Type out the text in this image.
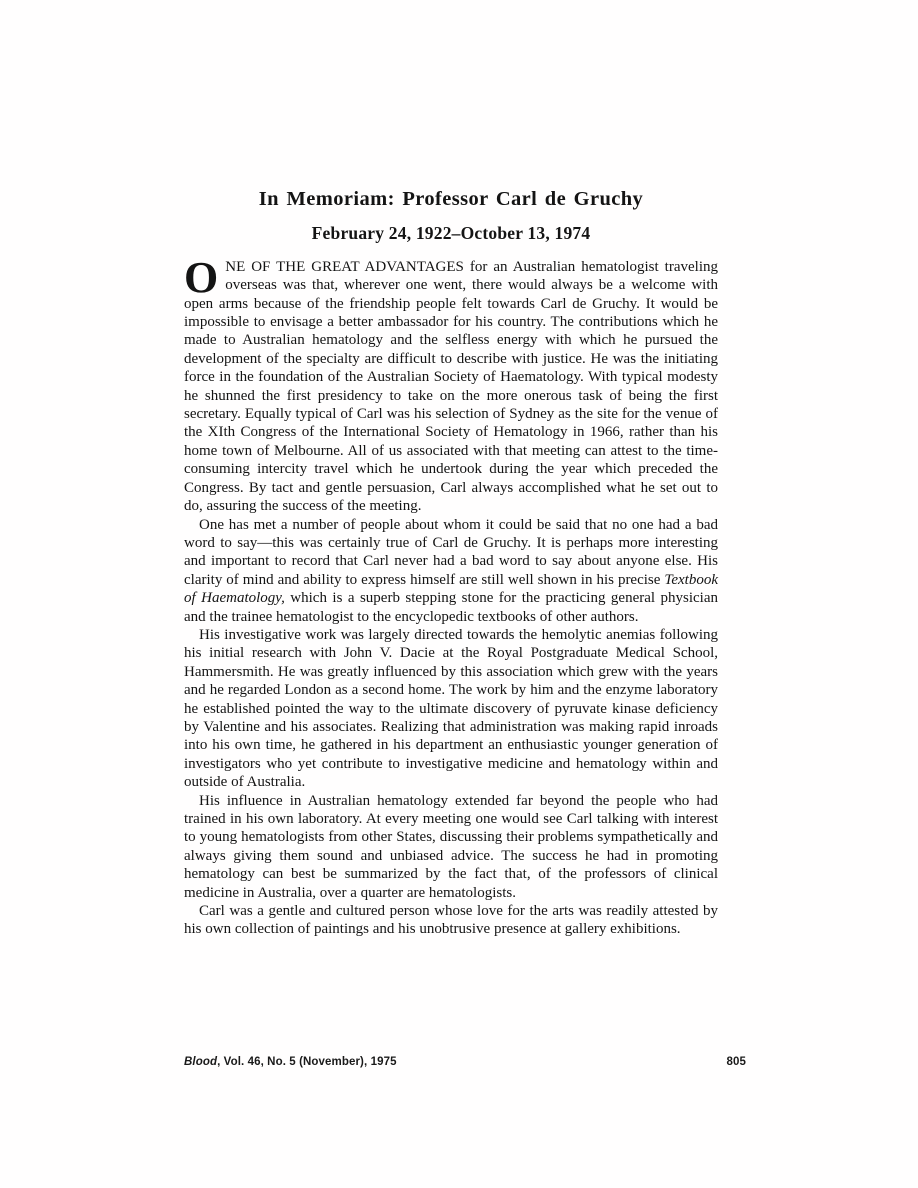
In Memoriam: Professor Carl de Gruchy
February 24, 1922–October 13, 1974

ONE OF THE GREAT ADVANTAGES for an Australian hematologist traveling overseas was that, wherever one went, there would always be a welcome with open arms because of the friendship people felt towards Carl de Gruchy. It would be impossible to envisage a better ambassador for his country. The contributions which he made to Australian hematology and the selfless energy with which he pursued the development of the specialty are difficult to describe with justice. He was the initiating force in the foundation of the Australian Society of Haematology. With typical modesty he shunned the first presidency to take on the more onerous task of being the first secretary. Equally typical of Carl was his selection of Sydney as the site for the venue of the XIth Congress of the International Society of Hematology in 1966, rather than his home town of Melbourne. All of us associated with that meeting can attest to the time-consuming intercity travel which he undertook during the year which preceded the Congress. By tact and gentle persuasion, Carl always accomplished what he set out to do, assuring the success of the meeting.

One has met a number of people about whom it could be said that no one had a bad word to say—this was certainly true of Carl de Gruchy. It is perhaps more interesting and important to record that Carl never had a bad word to say about anyone else. His clarity of mind and ability to express himself are still well shown in his precise Textbook of Haematology, which is a superb stepping stone for the practicing general physician and the trainee hematologist to the encyclopedic textbooks of other authors.

His investigative work was largely directed towards the hemolytic anemias following his initial research with John V. Dacie at the Royal Postgraduate Medical School, Hammersmith. He was greatly influenced by this association which grew with the years and he regarded London as a second home. The work by him and the enzyme laboratory he established pointed the way to the ultimate discovery of pyruvate kinase deficiency by Valentine and his associates. Realizing that administration was making rapid inroads into his own time, he gathered in his department an enthusiastic younger generation of investigators who yet contribute to investigative medicine and hematology within and outside of Australia.

His influence in Australian hematology extended far beyond the people who had trained in his own laboratory. At every meeting one would see Carl talking with interest to young hematologists from other States, discussing their problems sympathetically and always giving them sound and unbiased advice. The success he had in promoting hematology can best be summarized by the fact that, of the professors of clinical medicine in Australia, over a quarter are hematologists.

Carl was a gentle and cultured person whose love for the arts was readily attested by his own collection of paintings and his unobtrusive presence at gallery exhibitions.

Blood, Vol. 46, No. 5 (November), 1975	805
